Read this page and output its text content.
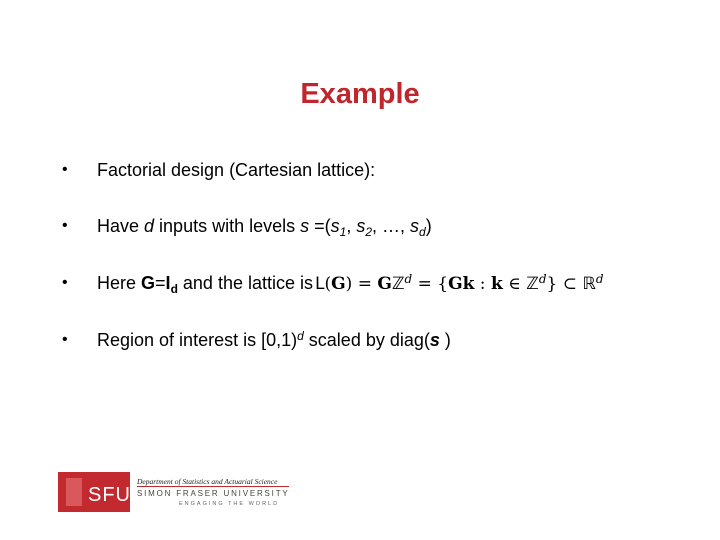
Example
• Factorial design (Cartesian lattice):
• Have d inputs with levels $s =(s_1$, $s_2$, …, $s_d$)
• Here $G=I_d$ and the lattice is L(G) = Gℤ$^d$ = {Gk : k ∈ ℤ$^d$} ⊂ ℝ$^d$
• Region of interest is [0,1)$^d$ scaled by diag(s )
SFU
Department of Statistics and Actuarial Science
SIMON FRASER UNIVERSITY
ENGAGING THE WORLD
